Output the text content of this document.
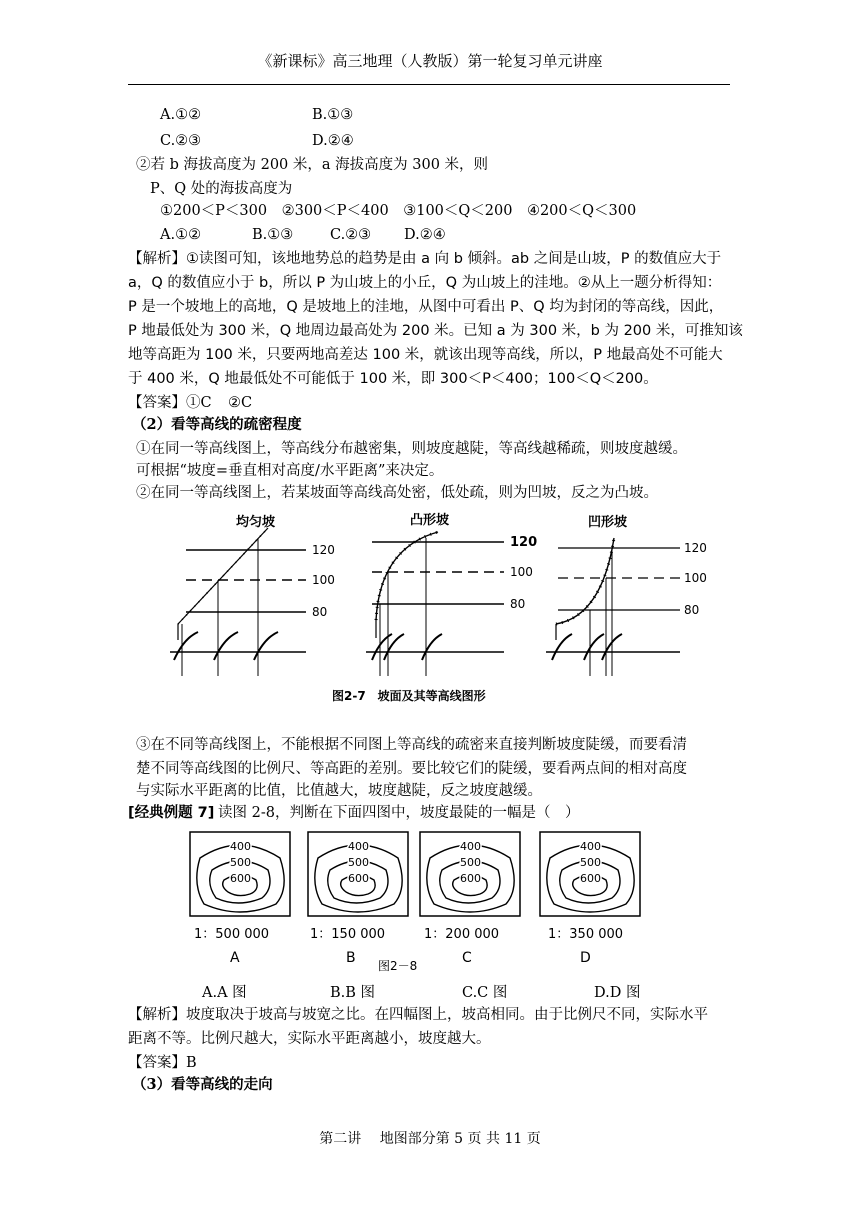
《新课标》高三地理（人教版）第一轮复习单元讲座
A.①②	B.①③
C.②③	D.②④
②若 b 海拔高度为 200 米，a 海拔高度为 300 米，则
P、Q 处的海拔高度为
①200＜P＜300　②300＜P＜400　③100＜Q＜200　④200＜Q＜300
A.①②	B.①③	C.②③ D.②④
【解析】①读图可知，该地地势总的趋势是由 a 向 b 倾斜。ab 之间是山坡，P 的数值应大于
a，Q 的数值应小于 b，所以 P 为山坡上的小丘，Q 为山坡上的洼地。②从上一题分析得知：
P 是一个坡地上的高地，Q 是坡地上的洼地，从图中可看出 P、Q 均为封闭的等高线，因此，
P 地最低处为 300 米，Q 地周边最高处为 200 米。已知 a 为 300 米，b 为 200 米，可推知该
地等高距为 100 米，只要两地高差达 100 米，就该出现等高线，所以，P 地最高处不可能大
于 400 米，Q 地最低处不可能低于 100 米，即 300＜P＜400；100＜Q＜200。
【答案】①C ②C
（2）看等高线的疏密程度
①在同一等高线图上，等高线分布越密集，则坡度越陡，等高线越稀疏，则坡度越缓。
可根据“坡度=垂直相对高度/水平距离”来决定。
②在同一等高线图上，若某坡面等高线高处密，低处疏，则为凹坡，反之为凸坡。
均匀坡
120
100
80
凸形坡
120
100
80
凹形坡
120
100
80
图2-7　坡面及其等高线图形
③在不同等高线图上，不能根据不同图上等高线的疏密来直接判断坡度陡缓，而要看清
楚不同等高线图的比例尺、等高距的差别。要比较它们的陡缓，要看两点间的相对高度
与实际水平距离的比值，比值越大，坡度越陡，反之坡度越缓。
[经典例题 7] 读图 2-8，判断在下面四图中，坡度最陡的一幅是（　）
400
500
600
1：500 000
A
400
500
600
1：150 000
B
400
500
600
1：200 000
C
400
500
600
1：350 000
D
图2－8
A.A 图	B.B 图	C.C 图	D.D 图
【解析】坡度取决于坡高与坡宽之比。在四幅图上，坡高相同。由于比例尺不同，实际水平
距离不等。比例尺越大，实际水平距离越小，坡度越大。
【答案】B
（3）看等高线的走向
第二讲　 地图部分第 5 页 共 11 页
